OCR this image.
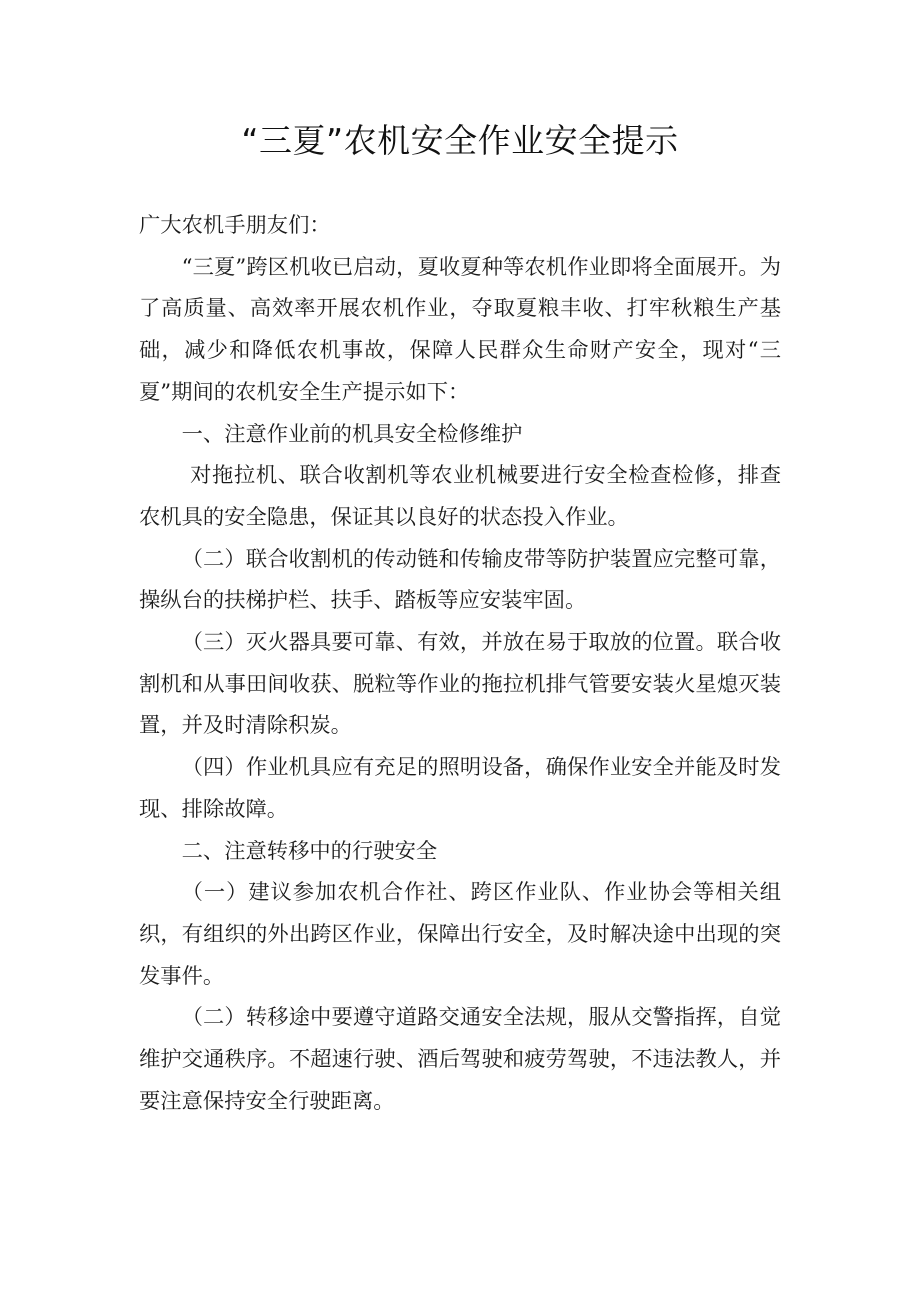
“三夏”农机安全作业安全提示

广大农机手朋友们：

“三夏”跨区机收已启动，夏收夏种等农机作业即将全面展开。为了高质量、高效率开展农机作业，夺取夏粮丰收、打牢秋粮生产基础，减少和降低农机事故，保障人民群众生命财产安全，现对“三夏”期间的农机安全生产提示如下：

一、注意作业前的机具安全检修维护

对拖拉机、联合收割机等农业机械要进行安全检查检修，排查农机具的安全隐患，保证其以良好的状态投入作业。

（二）联合收割机的传动链和传输皮带等防护装置应完整可靠，操纵台的扶梯护栏、扶手、踏板等应安装牢固。

（三）灭火器具要可靠、有效，并放在易于取放的位置。联合收割机和从事田间收获、脱粒等作业的拖拉机排气管要安装火星熄灭装置，并及时清除积炭。

（四）作业机具应有充足的照明设备，确保作业安全并能及时发现、排除故障。

二、注意转移中的行驶安全

（一）建议参加农机合作社、跨区作业队、作业协会等相关组织，有组织的外出跨区作业，保障出行安全，及时解决途中出现的突发事件。

（二）转移途中要遵守道路交通安全法规，服从交警指挥，自觉维护交通秩序。不超速行驶、酒后驾驶和疲劳驾驶，不违法教人，并要注意保持安全行驶距离。
